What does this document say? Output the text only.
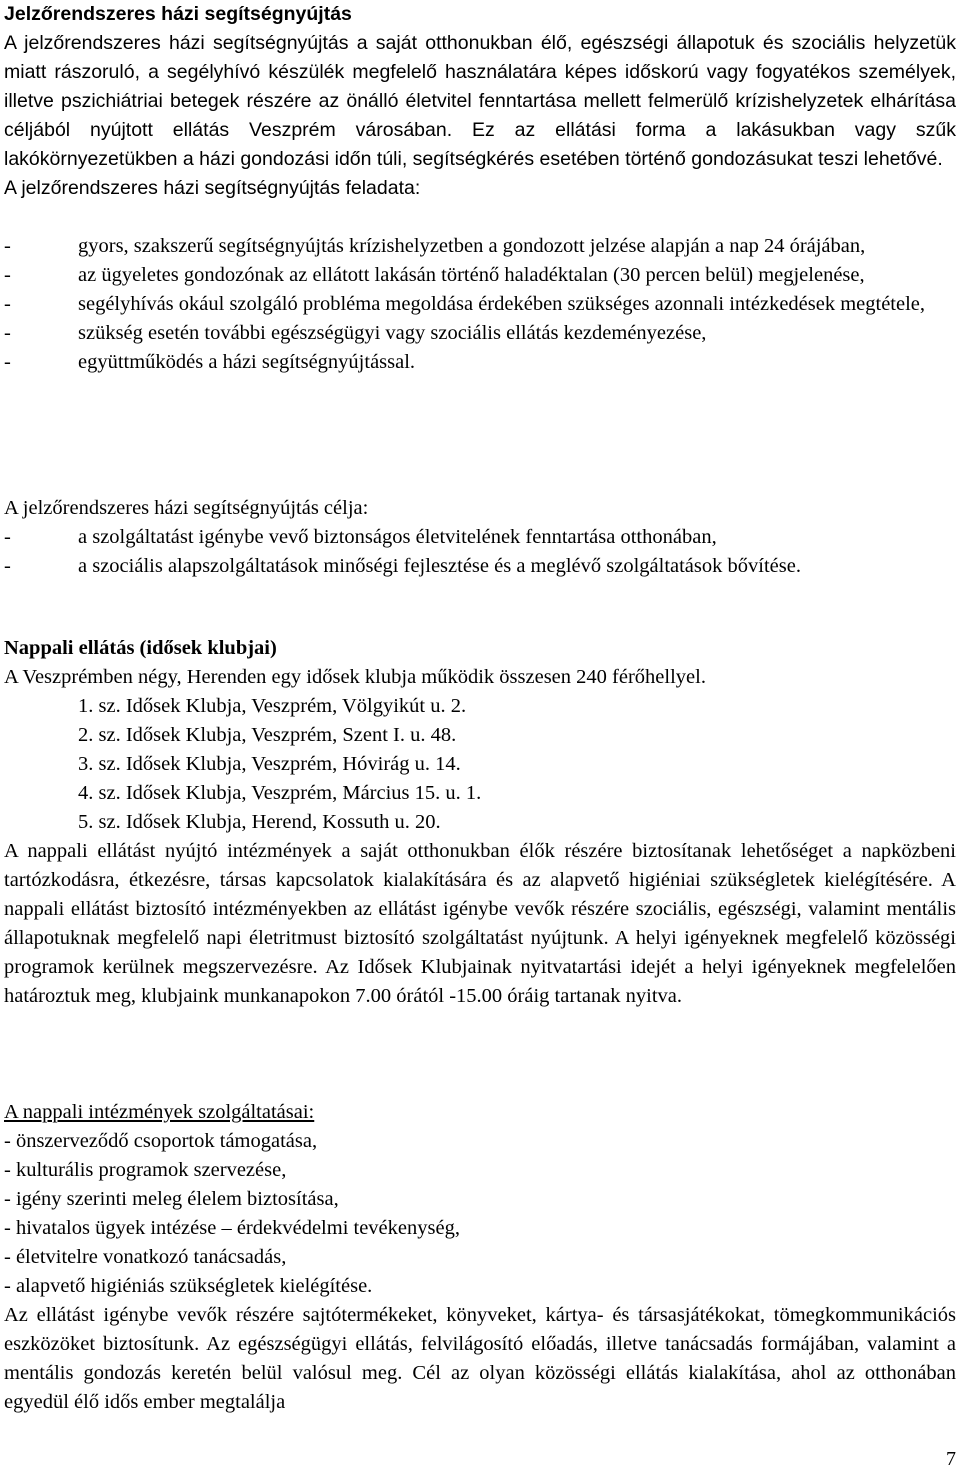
Jelzőrendszeres házi segítségnyújtás

A jelzőrendszeres házi segítségnyújtás a saját otthonukban élő, egészségi állapotuk és szociális helyzetük miatt rászoruló, a segélyhívó készülék megfelelő használatára képes időskorú vagy fogyatékos személyek, illetve pszichiátriai betegek részére az önálló életvitel fenntartása mellett felmerülő krízishelyzetek elhárítása céljából nyújtott ellátás Veszprém városában. Ez az ellátási forma a lakásukban vagy szűk lakókörnyezetükben a házi gondozási időn túli, segítségkérés esetében történő gondozásukat teszi lehetővé.

A jelzőrendszeres házi segítségnyújtás feladata:

-	gyors, szakszerű segítségnyújtás krízishelyzetben a gondozott jelzése alapján a nap 24 órájában,
-	az ügyeletes gondozónak az ellátott lakásán történő haladéktalan (30 percen belül) megjelenése,
-	segélyhívás okául szolgáló probléma megoldása érdekében szükséges azonnali intézkedések megtétele,
-	szükség esetén további egészségügyi vagy szociális ellátás kezdeményezése,
-	együttműködés a házi segítségnyújtással.

A jelzőrendszeres házi segítségnyújtás célja:

-	a szolgáltatást igénybe vevő biztonságos életvitelének fenntartása otthonában,
-	a szociális alapszolgáltatások minőségi fejlesztése és a meglévő szolgáltatások bővítése.

Nappali ellátás (idősek klubjai)

A Veszprémben négy, Herenden egy idősek klubja működik összesen 240 férőhellyel.

1. sz. Idősek Klubja, Veszprém, Völgyikút u. 2.
2. sz. Idősek Klubja, Veszprém, Szent I. u. 48.
3. sz. Idősek Klubja, Veszprém, Hóvirág u. 14.
4. sz. Idősek Klubja, Veszprém, Március 15. u. 1.
5. sz. Idősek Klubja, Herend, Kossuth u. 20.

A nappali ellátást nyújtó intézmények a saját otthonukban élők részére biztosítanak lehetőséget a napközbeni tartózkodásra, étkezésre, társas kapcsolatok kialakítására és az alapvető higiéniai szükségletek kielégítésére. A nappali ellátást biztosító intézményekben az ellátást igénybe vevők részére szociális, egészségi, valamint mentális állapotuknak megfelelő napi életritmust biztosító szolgáltatást nyújtunk. A helyi igényeknek megfelelő közösségi programok kerülnek megszervezésre. Az Idősek Klubjainak nyitvatartási idejét a helyi igényeknek megfelelően határoztuk meg, klubjaink munkanapokon 7.00 órától -15.00 óráig tartanak nyitva.

A nappali intézmények szolgáltatásai:

- önszerveződő csoportok támogatása,
- kulturális programok szervezése,
- igény szerinti meleg élelem biztosítása,
- hivatalos ügyek intézése – érdekvédelmi tevékenység,
- életvitelre vonatkozó tanácsadás,
- alapvető higiéniás szükségletek kielégítése.

Az ellátást igénybe vevők részére sajtótermékeket, könyveket, kártya- és társasjátékokat, tömegkommunikációs eszközöket biztosítunk. Az egészségügyi ellátás, felvilágosító előadás, illetve tanácsadás formájában, valamint a mentális gondozás keretén belül valósul meg. Cél az olyan közösségi ellátás kialakítása, ahol az otthonában egyedül élő idős ember megtalálja

7
